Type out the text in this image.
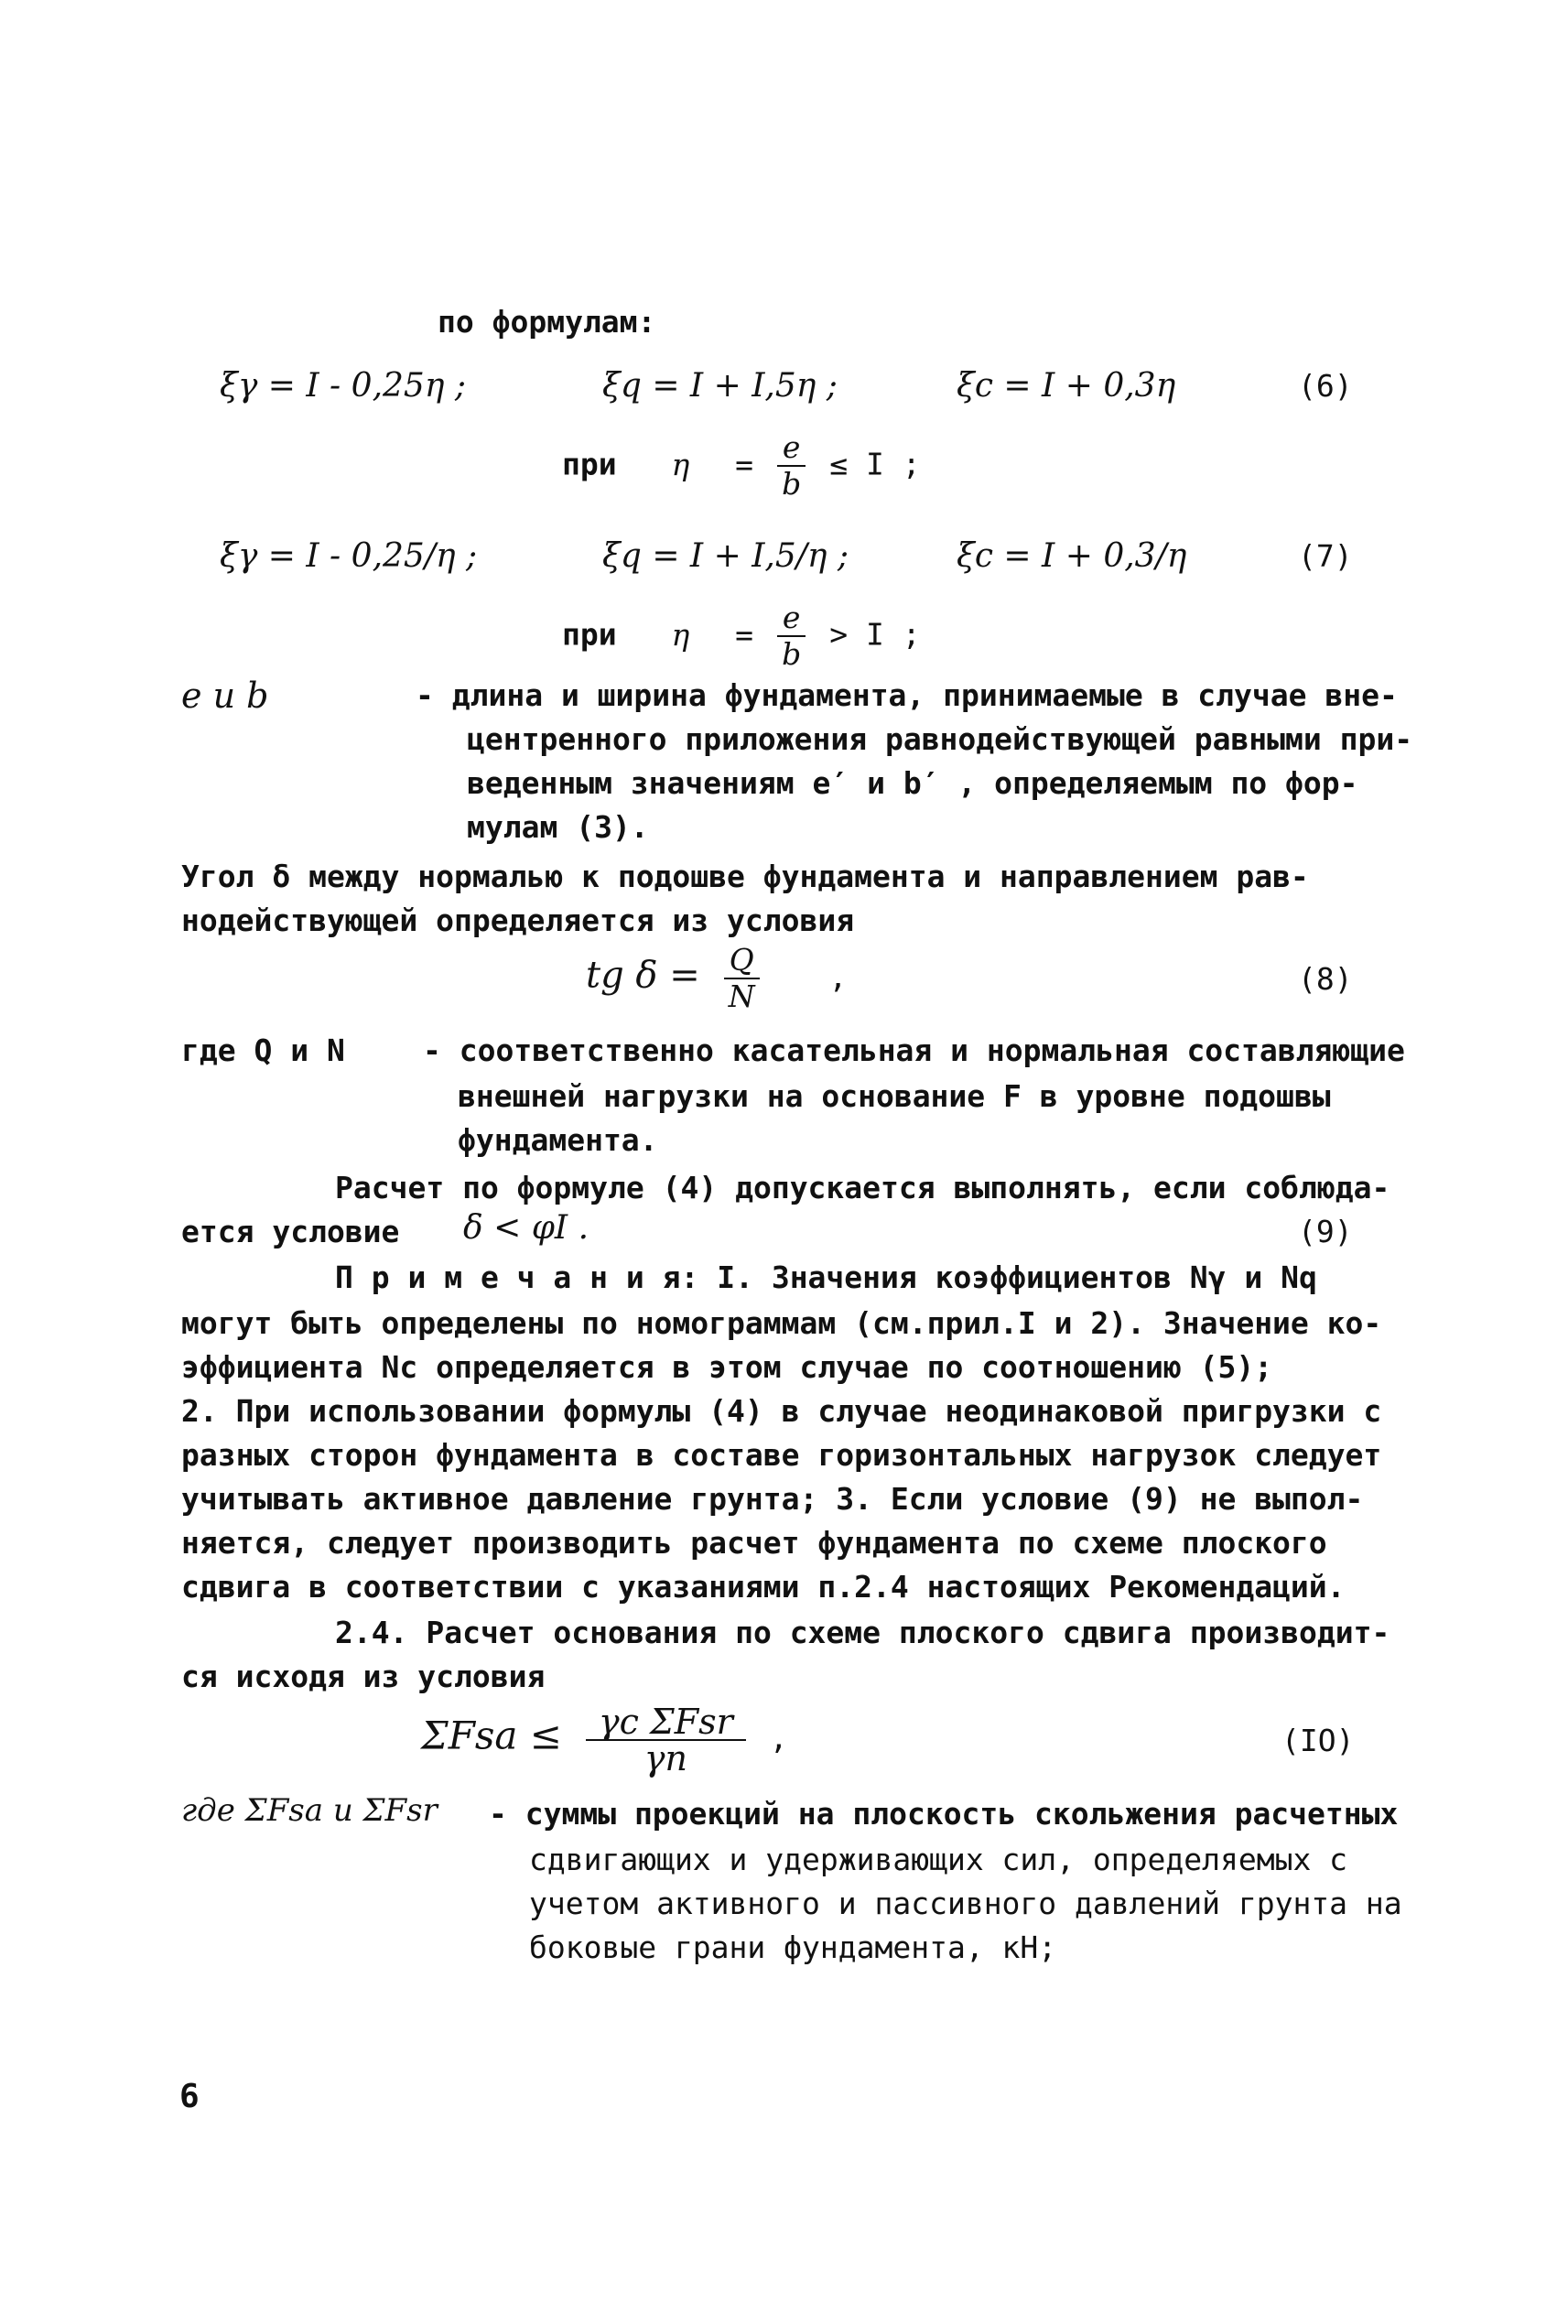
по формулам:
ξγ = I - 0,25η ;	ξq = I + I,5η ;	ξc = I + 0,3η	(6)
при $\eta = \frac{e}{b} \le I$ ;
ξγ = I - 0,25/η ;	ξq = I + I,5/η ;	ξc = I + 0,3/η	(7)
при $\eta = \frac{e}{b} > I$ ;
e и b	- длина и ширина фундамента, принимаемые в случае вне-
центренного приложения равнодействующей равными при-
веденным значениям e′ и b′ , определяемым по фор-
мулам (3).
Угол δ между нормалью к подошве фундамента и направлением рав-
нодействующей определяется из условия
tg $\delta = \frac{Q}{N}$ ,	(8)
где Q и N	- соответственно касательная и нормальная составляющие
внешней нагрузки на основание F в уровне подошвы
фундамента.
Расчет по формуле (4) допускается выполнять, если соблюда-
ется условие δ < φI .	(9)
П р и м е ч а н и я: I. Значения коэффициентов Nγ и Nq
могут быть определены по номограммам (см.прил.I и 2). Значение ко-
эффициента Nc определяется в этом случае по соотношению (5);
2. При использовании формулы (4) в случае неодинаковой пригрузки с
разных сторон фундамента в составе горизонтальных нагрузок следует
учитывать активное давление грунта; 3. Если условие (9) не выпол-
няется, следует производить расчет фундамента по схеме плоского
сдвига в соответствии с указаниями п.2.4 настоящих Рекомендаций.
2.4. Расчет основания по схеме плоского сдвига производит-
ся исходя из условия
$\Sigma Fsa \le \frac{\text{γc ΣFsr}}{\gamma n}$ ,	(IO)
где ΣFsa и ΣFsr - суммы проекций на плоскость скольжения расчетных
сдвигающих и удерживающих сил, определяемых с
учетом активного и пассивного давлений грунта на
боковые грани фундамента, кН;
6
